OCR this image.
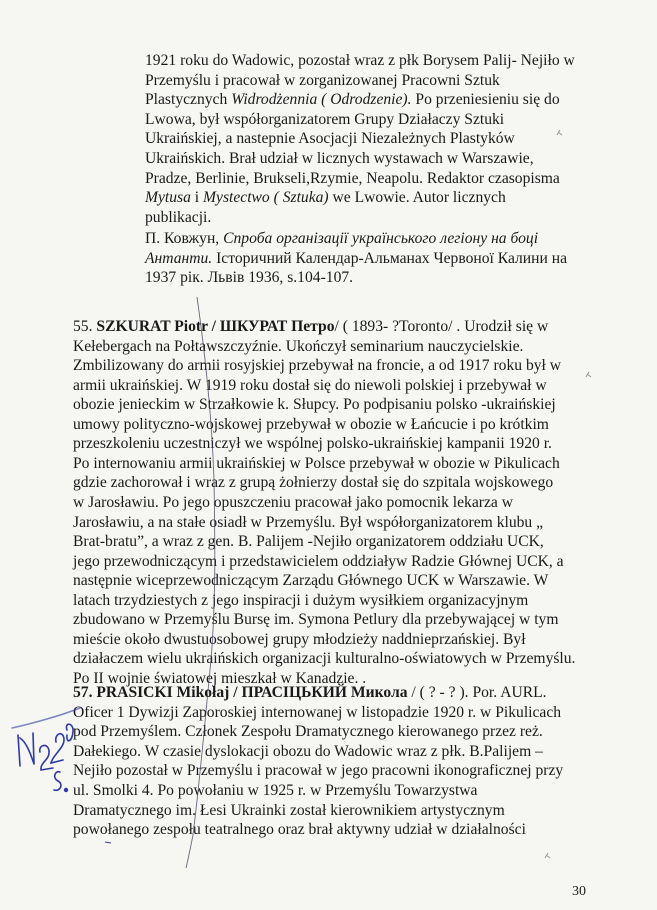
1921 roku do Wadowic, pozostał wraz z płk Borysem Palij- Nejiło w
Przemyślu i pracował w zorganizowanej Pracowni Sztuk
Plastycznych Widrodżennia ( Odrodzenie). Po przeniesieniu się do
Lwowa, był współorganizatorem Grupy Działaczy Sztuki
Ukraińskiej, a nastepnie Asocjacji Niezależnych Plastyków
Ukraińskich. Brał udział w licznych wystawach w Warszawie,
Pradze, Berlinie, Brukseli,Rzymie, Neapolu. Redaktor czasopisma
Mytusa i Mystectwo ( Sztuka) we Lwowie. Autor licznych
publikacji.
П. Ковжун, Спроба організації українського легіону на боці
Антанти. Історичний Календар-Альманах Червоної Калини на
1937 рік. Львів 1936, s.104-107.
55. SZKURAT Piotr / ШКУРАТ Петро/ ( 1893- ?Toronto/ . Urodził się w
Kełebergach na Połtawszczyźnie. Ukończył seminarium nauczycielskie.
Zmbilizowany do armii rosyjskiej przebywał na froncie, a od 1917 roku był w
armii ukraińskiej. W 1919 roku dostał się do niewoli polskiej i przebywał w
obozie jenieckim w Strzałkowie k. Słupcy. Po podpisaniu polsko -ukraińskiej
umowy polityczno-wojskowej przebywał w obozie w Łańcucie i po krótkim
przeszkoleniu uczestniczył we wspólnej polsko-ukraińskiej kampanii 1920 r.
Po internowaniu armii ukraińskiej w Polsce przebywał w obozie w Pikulicach
gdzie zachorował i wraz z grupą żołnierzy dostał się do szpitala wojskowego
w Jarosławiu. Po jego opuszczeniu pracował jako pomocnik lekarza w
Jarosławiu, a na stałe osiadł w Przemyślu. Był współorganizatorem klubu „
Brat-bratu”, a wraz z gen. B. Palijem -Nejiło organizatorem oddziału UCK,
jego przewodniczącym i przedstawicielem oddziaływ Radzie Głównej UCK, a
następnie wiceprzewodniczącym Zarządu Głównego UCK w Warszawie. W
latach trzydziestych z jego inspiracji i dużym wysiłkiem organizacyjnym
zbudowano w Przemyślu Bursę im. Symona Petlury dla przebywającej w tym
mieście około dwustuosobowej grupy młodzieży naddnieprzańskiej. Był
działaczem wielu ukraińskich organizacji kulturalno-oświatowych w Przemyślu.
Po II wojnie światowej mieszkał w Kanadzie. .
57. PRASICKI Mikołaj / ПРАСІЦЬКИЙ Микола / ( ? - ? ). Por. AURL.
Oficer 1 Dywizji Zaporoskiej internowanej w listopadzie 1920 r. w Pikulicach
pod Przemyślem. Członek Zespołu Dramatycznego kierowanego przez reż.
Dałekiego. W czasie dyslokacji obozu do Wadowic wraz z płk. B.Palijem –
Nejiło pozostał w Przemyślu i pracował w jego pracowni ikonograficznej przy
ul. Smolki 4. Po powołaniu w 1925 r. w Przemyślu Towarzystwa
Dramatycznego im. Łesi Ukrainki został kierownikiem artystycznym
powołanego zespołu teatralnego oraz brał aktywny udział w działalności
30
